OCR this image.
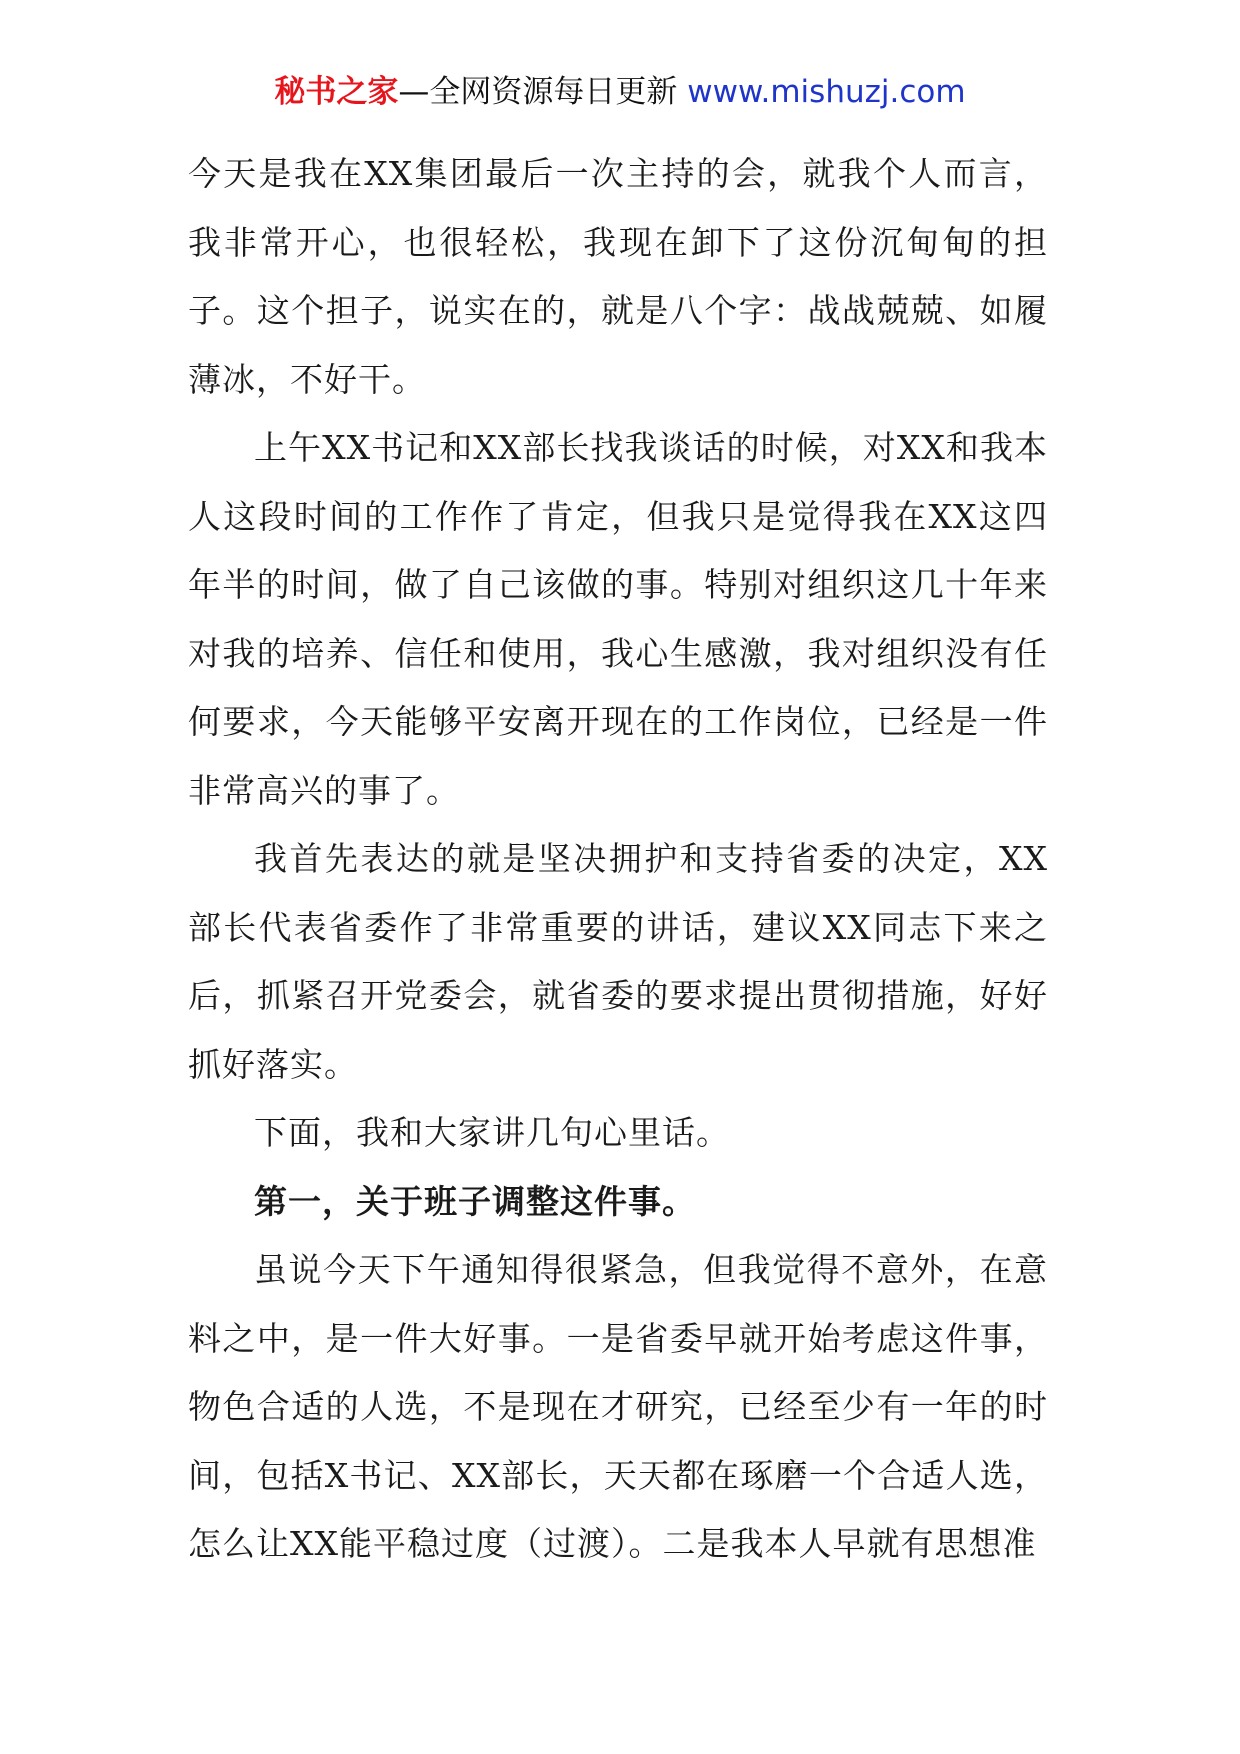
秘书之家—全网资源每日更新 www.mishuzj.com

今天是我在XX集团最后一次主持的会，就我个人而言，我非常开心，也很轻松，我现在卸下了这份沉甸甸的担子。这个担子，说实在的，就是八个字：战战兢兢、如履薄冰，不好干。

上午XX书记和XX部长找我谈话的时候，对XX和我本人这段时间的工作作了肯定，但我只是觉得我在XX这四年半的时间，做了自己该做的事。特别对组织这几十年来对我的培养、信任和使用，我心生感激，我对组织没有任何要求，今天能够平安离开现在的工作岗位，已经是一件非常高兴的事了。

我首先表达的就是坚决拥护和支持省委的决定，XX部长代表省委作了非常重要的讲话，建议XX同志下来之后，抓紧召开党委会，就省委的要求提出贯彻措施，好好抓好落实。

下面，我和大家讲几句心里话。

第一，关于班子调整这件事。

虽说今天下午通知得很紧急，但我觉得不意外，在意料之中，是一件大好事。一是省委早就开始考虑这件事，物色合适的人选，不是现在才研究，已经至少有一年的时间，包括X书记、XX部长，天天都在琢磨一个合适人选，怎么让XX能平稳过度（过渡）。二是我本人早就有思想准
